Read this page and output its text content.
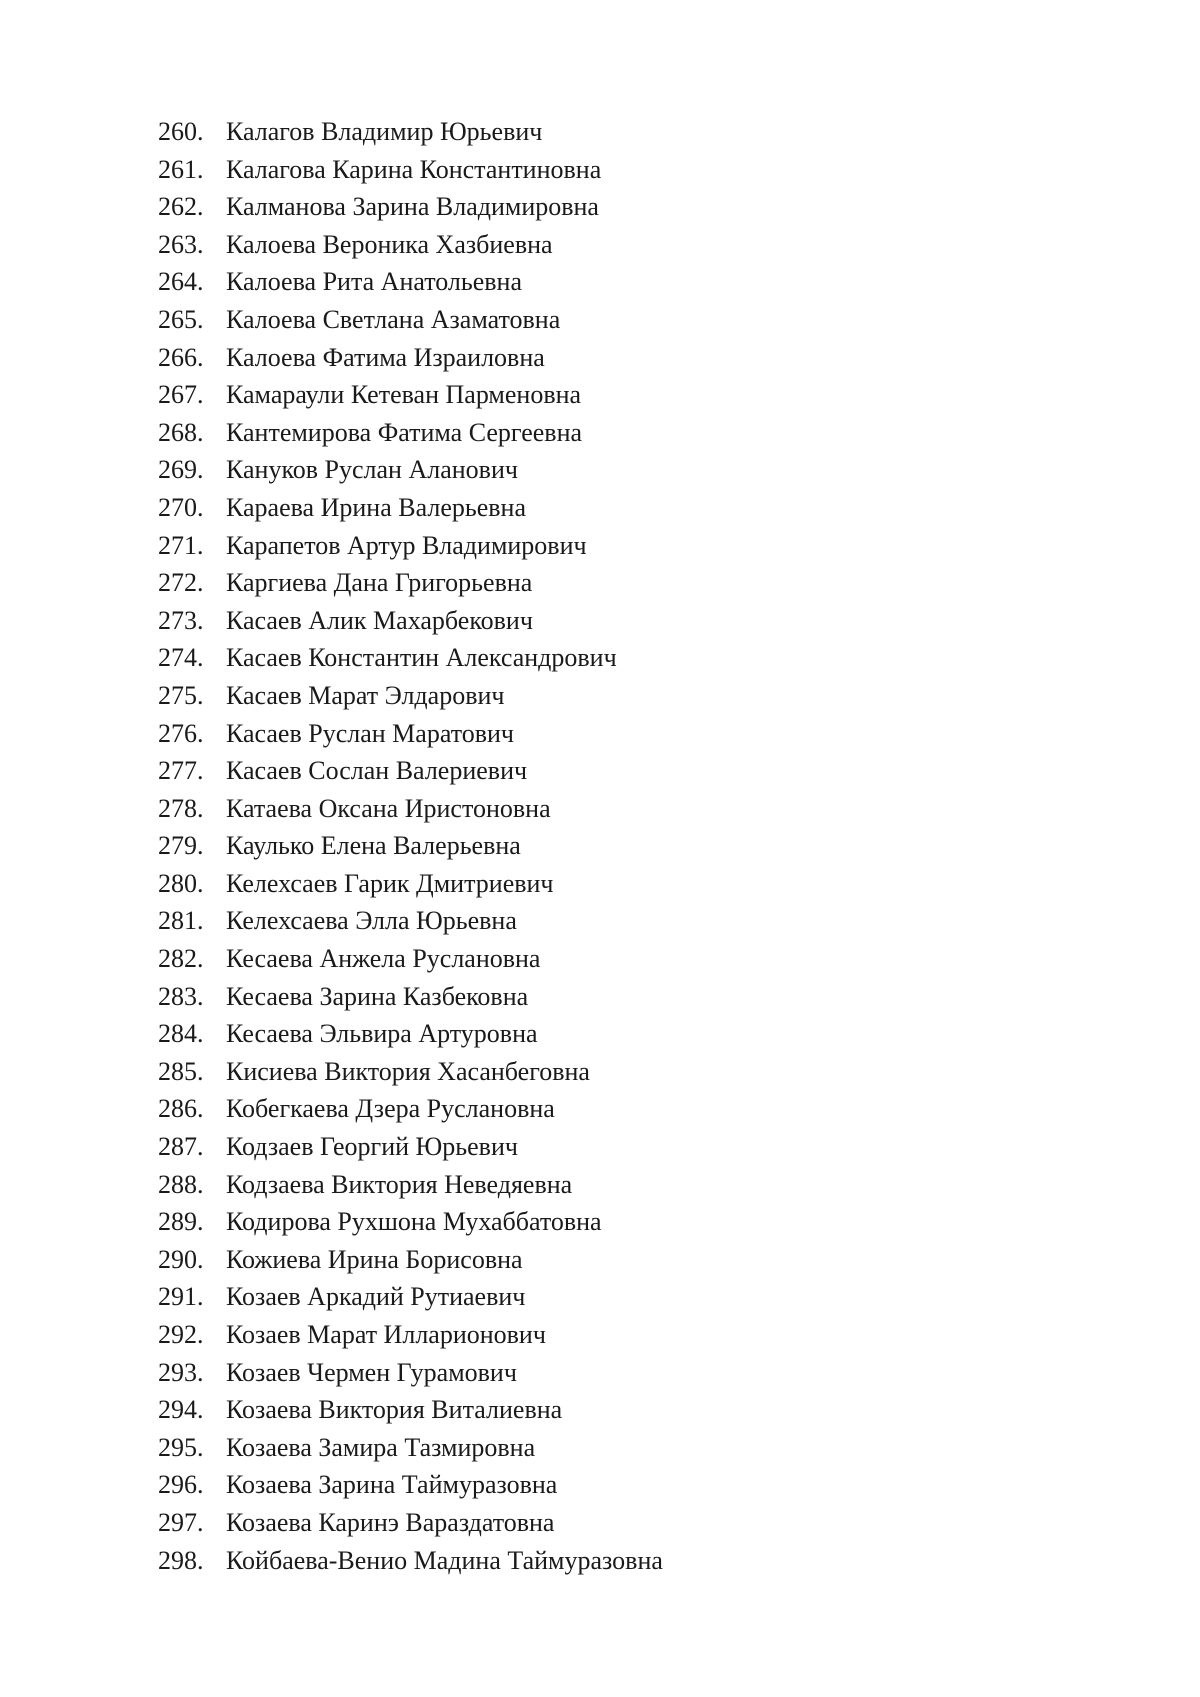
260. Калагов Владимир Юрьевич
261. Калагова Карина Константиновна
262. Калманова Зарина Владимировна
263. Калоева Вероника Хазбиевна
264. Калоева Рита Анатольевна
265. Калоева Светлана Азаматовна
266. Калоева Фатима Израиловна
267. Камараули Кетеван Парменовна
268. Кантемирова Фатима Сергеевна
269. Кануков Руслан Аланович
270. Караева Ирина Валерьевна
271. Карапетов Артур Владимирович
272. Каргиева Дана Григорьевна
273. Касаев Алик Махарбекович
274. Касаев Константин Александрович
275. Касаев Марат Элдарович
276. Касаев Руслан Маратович
277. Касаев Сослан Валериевич
278. Катаева Оксана Иристоновна
279. Каулько Елена Валерьевна
280. Келехсаев Гарик Дмитриевич
281. Келехсаева Элла Юрьевна
282. Кесаева Анжела Руслановна
283. Кесаева Зарина Казбековна
284. Кесаева Эльвира Артуровна
285. Кисиева Виктория Хасанбеговна
286. Кобегкаева Дзера Руслановна
287. Кодзаев Георгий Юрьевич
288. Кодзаева Виктория Неведяевна
289. Кодирова Рухшона Мухаббатовна
290. Кожиева Ирина Борисовна
291. Козаев Аркадий Рутиаевич
292. Козаев Марат Илларионович
293. Козаев Чермен Гурамович
294. Козаева Виктория Виталиевна
295. Козаева Замира Тазмировна
296. Козаева Зарина Таймуразовна
297. Козаева Каринэ Вараздатовна
298. Койбаева-Венио Мадина Таймуразовна
